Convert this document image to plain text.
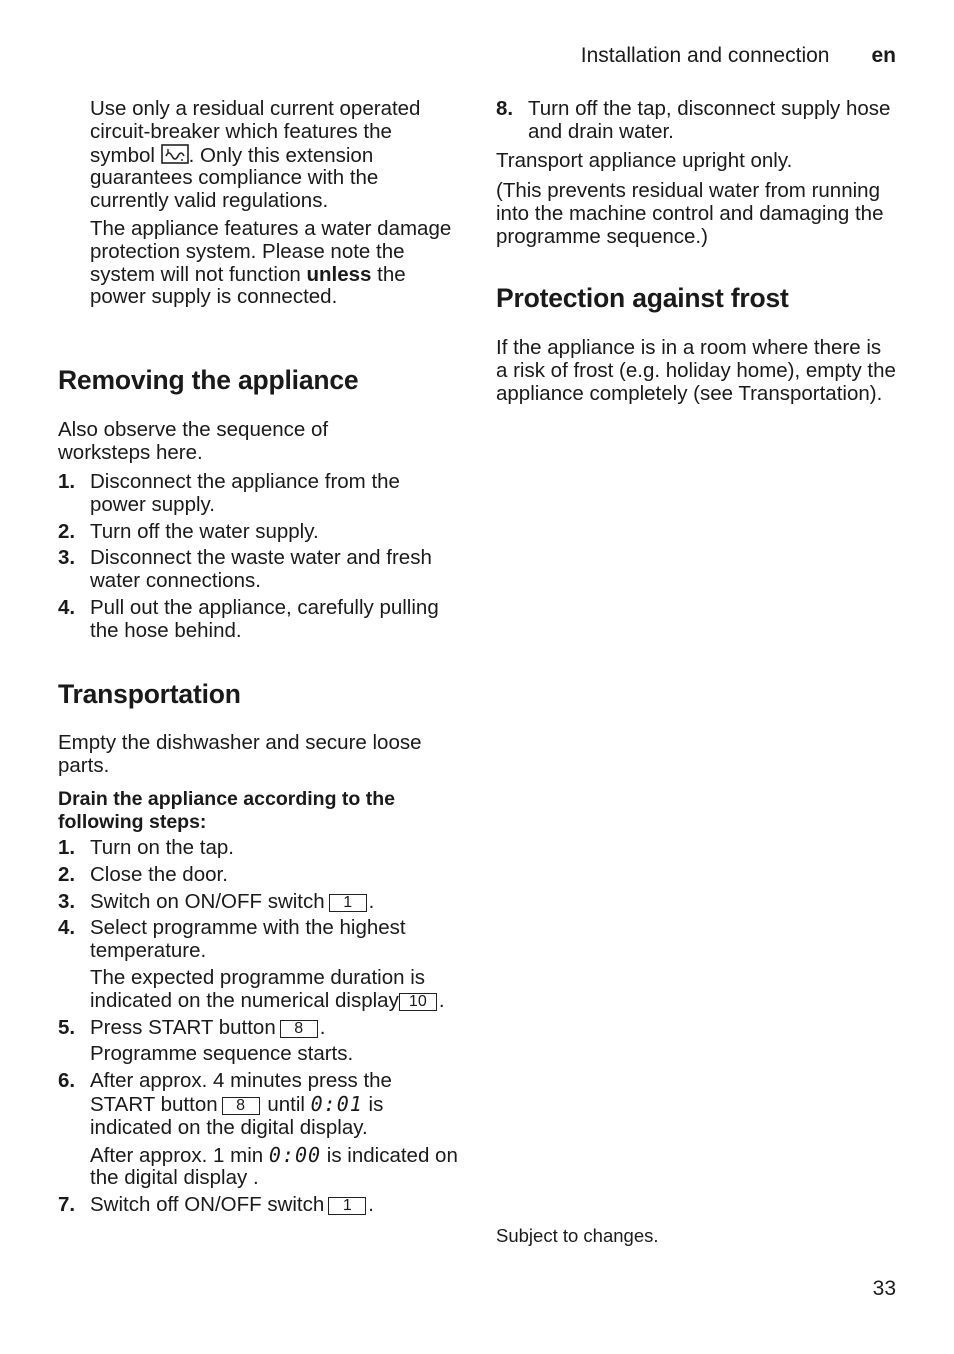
Installation and connection en

Use only a residual current operated circuit-breaker which features the symbol . Only this extension guarantees compliance with the currently valid regulations.

The appliance features a water damage protection system. Please note the system will not function unless the power supply is connected.

Removing the appliance

Also observe the sequence of worksteps here.

1. Disconnect the appliance from the power supply.
2. Turn off the water supply.
3. Disconnect the waste water and fresh water connections.
4. Pull out the appliance, carefully pulling the hose behind.
Transportation

Empty the dishwasher and secure loose parts.

Drain the appliance according to the following steps:

1. Turn on the tap.
2. Close the door.
3. Switch on ON/OFF switch 1 .
4. Select programme with the highest temperature.

The expected programme duration is indicated on the numerical display 10 .

5. Press START button 8 .

Programme sequence starts.

6. After approx. 4 minutes press the START button 8 until 0:01 is indicated on the digital display.

After approx. 1 min 0:00 is indicated on the digital display .

7. Switch off ON/OFF switch 1 .
8. Turn off the tap, disconnect supply hose and drain water.

Transport appliance upright only.

(This prevents residual water from running into the machine control and damaging the programme sequence.)

Protection against frost

If the appliance is in a room where there is a risk of frost (e.g. holiday home), empty the appliance completely (see Transportation).

Subject to changes.

33
